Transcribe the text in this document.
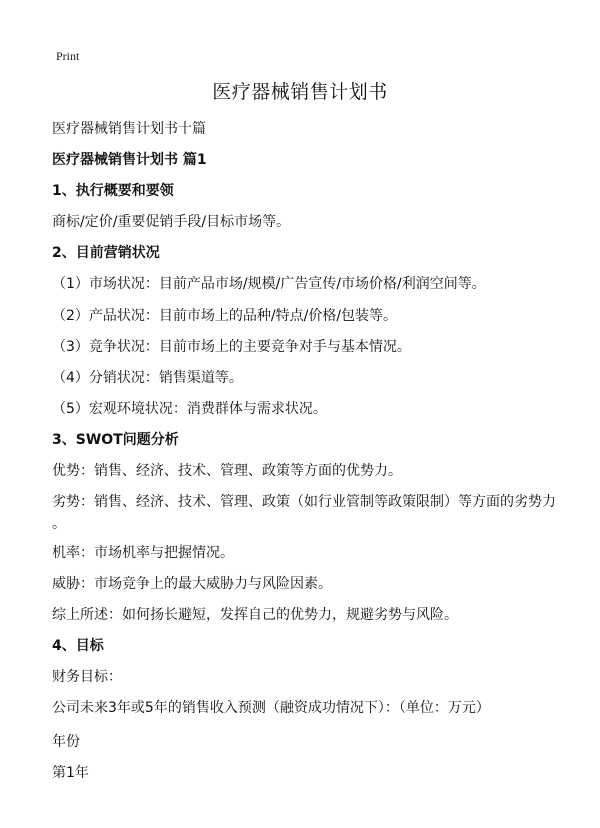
Print
医疗器械销售计划书
医疗器械销售计划书十篇
医疗器械销售计划书 篇1
1、执行概要和要领
商标/定价/重要促销手段/目标市场等。
2、目前营销状况
（1）市场状况：目前产品市场/规模/广告宣传/市场价格/利润空间等。
（2）产品状况：目前市场上的品种/特点/价格/包装等。
（3）竞争状况：目前市场上的主要竞争对手与基本情况。
（4）分销状况：销售渠道等。
（5）宏观环境状况：消费群体与需求状况。
3、SWOT问题分析
优势：销售、经济、技术、管理、政策等方面的优势力。
劣势：销售、经济、技术、管理、政策（如行业管制等政策限制）等方面的劣势力
。
机率：市场机率与把握情况。
威胁：市场竞争上的最大威胁力与风险因素。
综上所述：如何扬长避短，发挥自己的优势力，规避劣势与风险。
4、目标
财务目标：
公司未来3年或5年的销售收入预测（融资成功情况下）：（单位：万元）
年份
第1年
